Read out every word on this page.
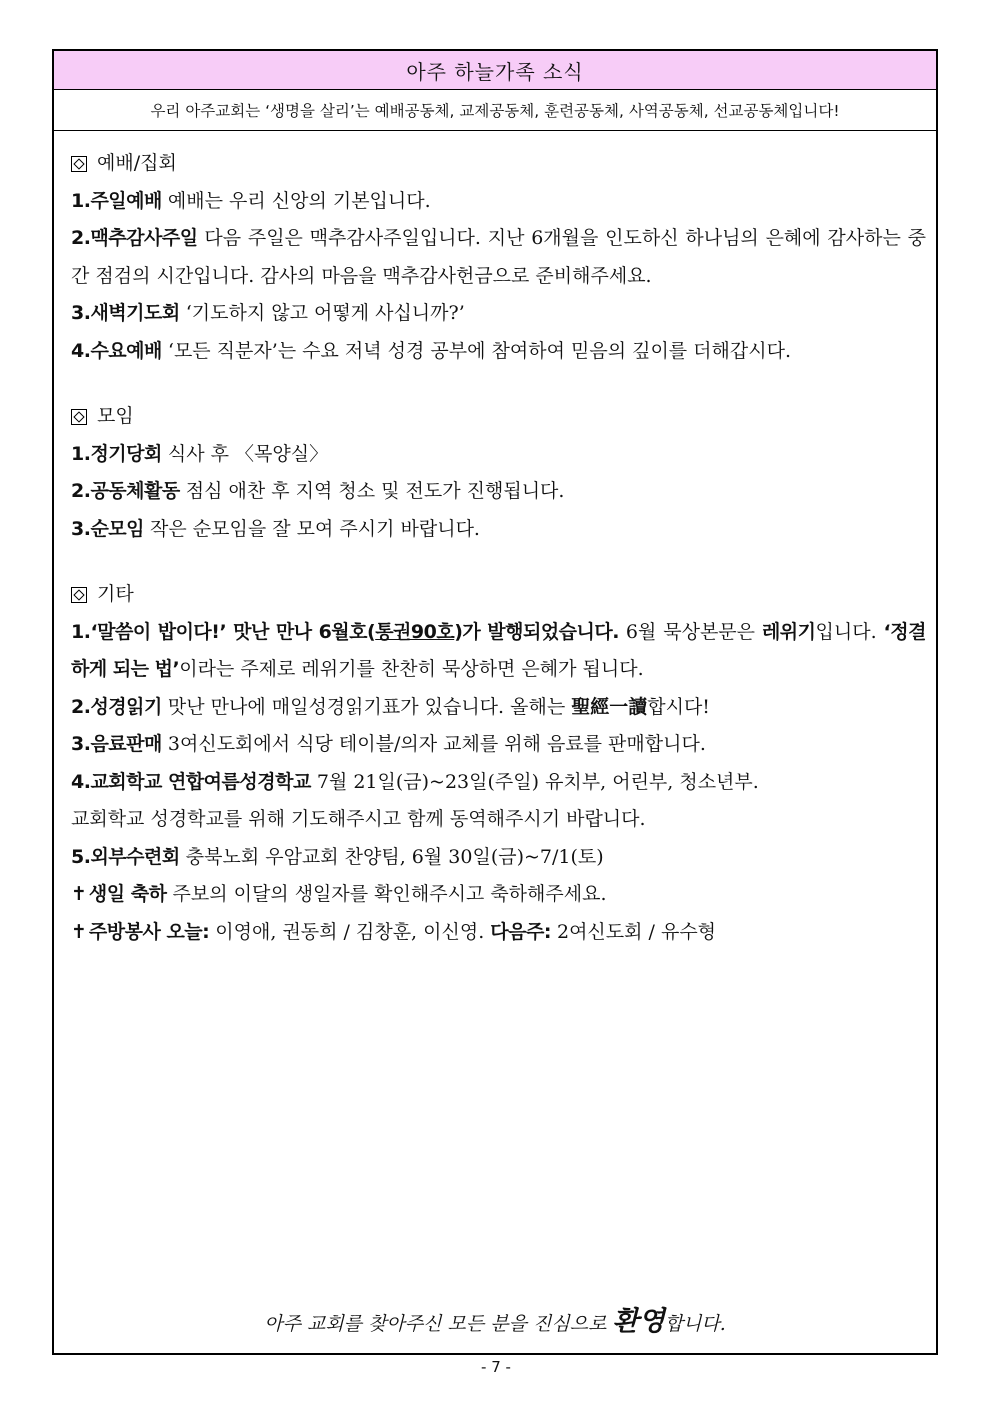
아주 하늘가족 소식
우리 아주교회는 ‘생명을 살리’는 예배공동체, 교제공동체, 훈련공동체, 사역공동체, 선교공동체입니다!
예배/집회
1.주일예배 예배는 우리 신앙의 기본입니다.
2.맥추감사주일 다음 주일은 맥추감사주일입니다. 지난 6개월을 인도하신 하나님의 은혜에 감사하는 중간 점검의 시간입니다. 감사의 마음을 맥추감사헌금으로 준비해주세요.
3.새벽기도회 ‘기도하지 않고 어떻게 사십니까?’
4.수요예배 ‘모든 직분자’는 수요 저녁 성경 공부에 참여하여 믿음의 깊이를 더해갑시다.
모임
1.정기당회 식사 후 〈목양실〉
2.공동체활동 점심 애찬 후 지역 청소 및 전도가 진행됩니다.
3.순모임 작은 순모임을 잘 모여 주시기 바랍니다.
기타
1.‘말씀이 밥이다!’ 맛난 만나 6월호(통권90호)가 발행되었습니다. 6월 묵상본문은 레위기입니다. ‘정결하게 되는 법’이라는 주제로 레위기를 찬찬히 묵상하면 은혜가 됩니다.
2.성경읽기 맛난 만나에 매일성경읽기표가 있습니다. 올해는 聖經一讀합시다!
3.음료판매 3여신도회에서 식당 테이블/의자 교체를 위해 음료를 판매합니다.
4.교회학교 연합여름성경학교 7월 21일(금)~23일(주일) 유치부, 어린부, 청소년부.
교회학교 성경학교를 위해 기도해주시고 함께 동역해주시기 바랍니다.
5.외부수련회 충북노회 우암교회 찬양팀, 6월 30일(금)~7/1(토)
✝ 생일 축하 주보의 이달의 생일자를 확인해주시고 축하해주세요.
✝ 주방봉사 오늘: 이영애, 권동희 / 김창훈, 이신영. 다음주: 2여신도회 / 유수형
아주 교회를 찾아주신 모든 분을 진심으로 환영합니다.
- 7 -
